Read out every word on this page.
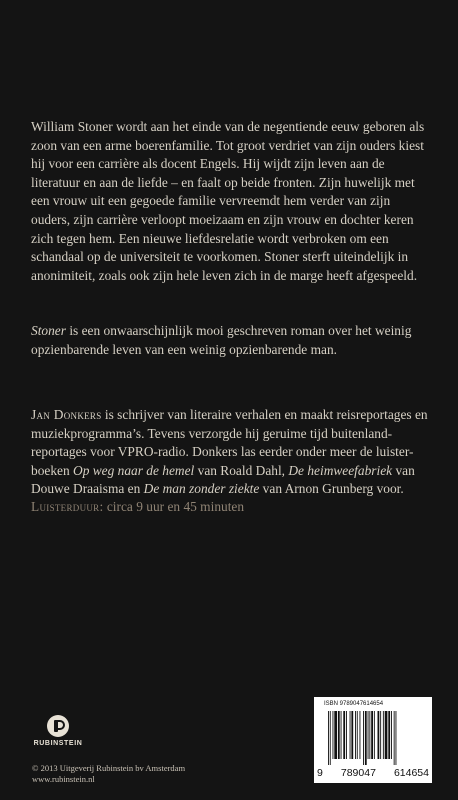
William Stoner wordt aan het einde van de negentiende eeuw geboren als zoon van een arme boerenfamilie. Tot groot verdriet van zijn ouders kiest hij voor een carrière als docent Engels. Hij wijdt zijn leven aan de literatuur en aan de liefde – en faalt op beide fronten. Zijn huwelijk met een vrouw uit een gegoede familie vervreemdt hem verder van zijn ouders, zijn carrière verloopt moeizaam en zijn vrouw en dochter keren zich tegen hem. Een nieuwe liefdesrelatie wordt verbroken om een schandaal op de universiteit te voorkomen. Stoner sterft uiteindelijk in anonimiteit, zoals ook zijn hele leven zich in de marge heeft afgespeeld.

Stoner is een onwaarschijnlijk mooi geschreven roman over het weinig opzienbarende leven van een weinig opzienbarende man.

Jan Donkers is schrijver van literaire verhalen en maakt reisreportages en muziekprogramma’s. Tevens verzorgde hij geruime tijd buitenland-reportages voor VPRO-radio. Donkers las eerder onder meer de luister-boeken Op weg naar de hemel van Roald Dahl, De heimweefabriek van Douwe Draaisma en De man zonder ziekte van Arnon Grunberg voor.

Luisterduur: circa 9 uur en 45 minuten

RUBINSTEIN
© 2013 Uitgeverij Rubinstein bv Amsterdam
www.rubinstein.nl
ISBN 9789047614654
9 789047 614654
